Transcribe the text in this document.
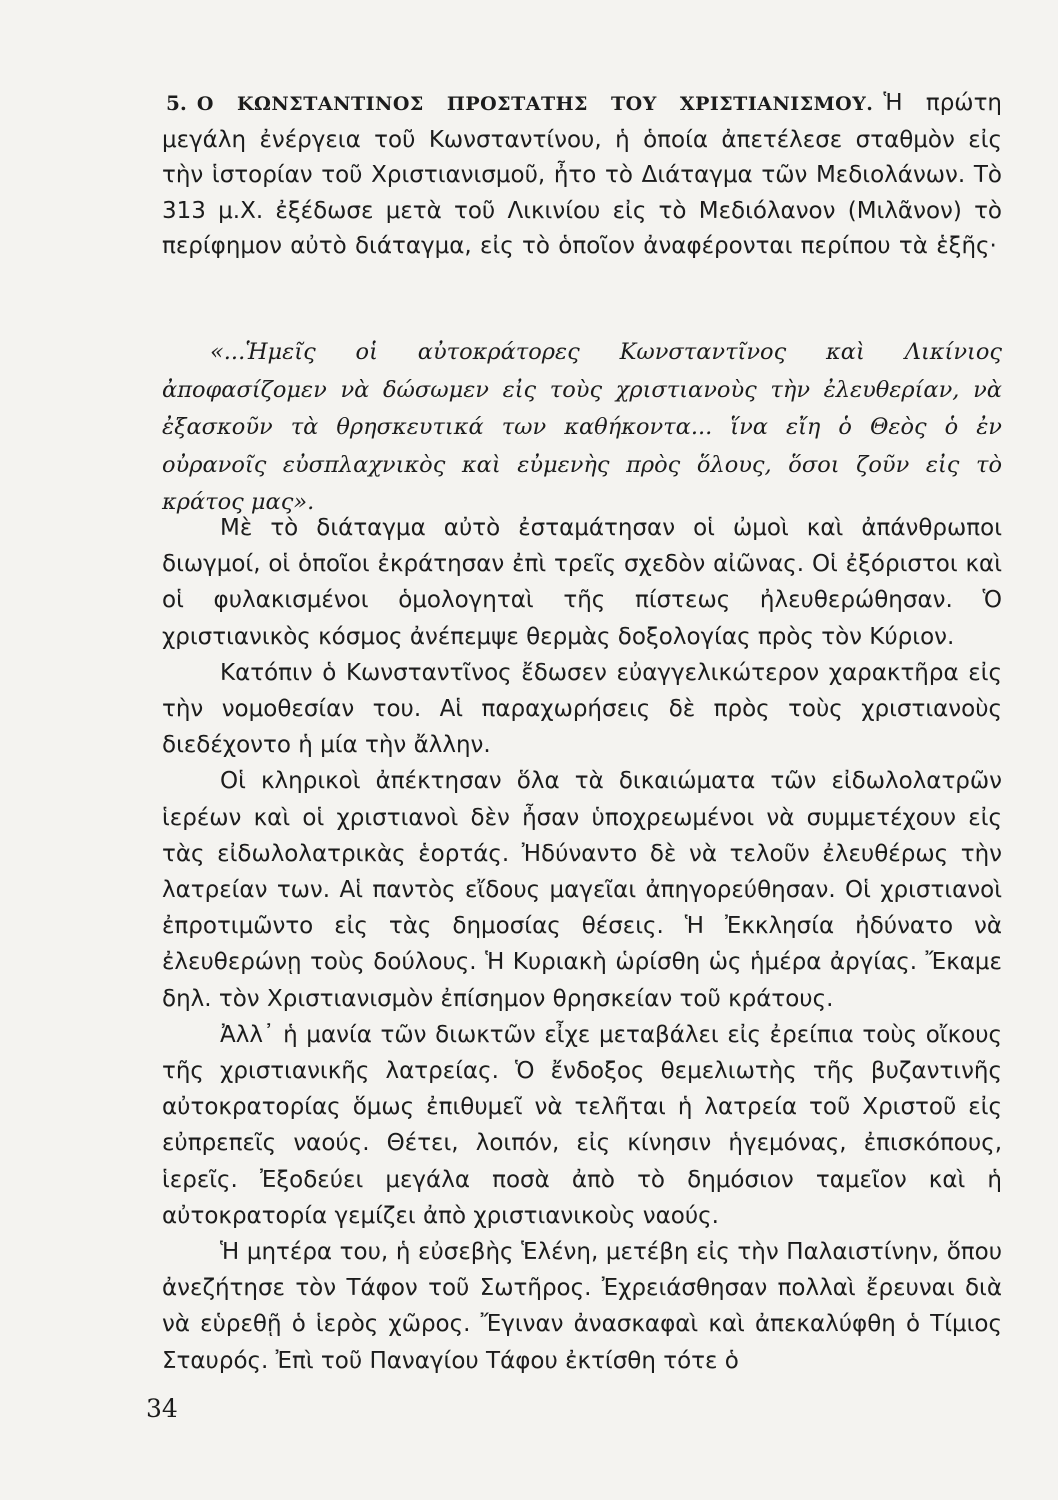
5. Ο ΚΩΝΣΤΑΝΤΙΝΟΣ ΠΡΟΣΤΑΤΗΣ ΤΟΥ ΧΡΙΣΤΙΑΝΙΣΜΟΥ. Ἡ πρώτη μεγάλη ἐνέργεια τοῦ Κωνσταντίνου, ἡ ὁποία ἀπετέλεσε σταθμὸν εἰς τὴν ἱστορίαν τοῦ Χριστιανισμοῦ, ἦτο τὸ Διάταγμα τῶν Μεδιολάνων. Τὸ 313 μ.Χ. ἐξέδωσε μετὰ τοῦ Λικινίου εἰς τὸ Μεδιόλανον (Μιλᾶνον) τὸ περίφημον αὐτὸ διάταγμα, εἰς τὸ ὁποῖον ἀναφέρονται περίπου τὰ ἑξῆς·
«...Ἡμεῖς οἱ αὐτοκράτορες Κωνσταντῖνος καὶ Λικίνιος ἀποφασίζομεν νὰ δώσωμεν εἰς τοὺς χριστιανοὺς τὴν ἐλευθερίαν, νὰ ἐξασκοῦν τὰ θρησκευτικά των καθήκοντα... ἵνα εἴη ὁ Θεὸς ὁ ἐν οὐρανοῖς εὐσπλαχνικὸς καὶ εὐμενὴς πρὸς ὅλους, ὅσοι ζοῦν εἰς τὸ κράτος μας».

Μὲ τὸ διάταγμα αὐτὸ ἐσταμάτησαν οἱ ὠμοὶ καὶ ἀπάνθρωποι διωγμοί, οἱ ὁποῖοι ἐκράτησαν ἐπὶ τρεῖς σχεδὸν αἰῶνας. Οἱ ἐξόριστοι καὶ οἱ φυλακισμένοι ὁμολογηταὶ τῆς πίστεως ἠλευθερώθησαν. Ὁ χριστιανικὸς κόσμος ἀνέπεμψε θερμὰς δοξολογίας πρὸς τὸν Κύριον.

Κατόπιν ὁ Κωνσταντῖνος ἔδωσεν εὐαγγελικώτερον χαρακτῆρα εἰς τὴν νομοθεσίαν του. Αἱ παραχωρήσεις δὲ πρὸς τοὺς χριστιανοὺς διεδέχοντο ἡ μία τὴν ἄλλην.

Οἱ κληρικοὶ ἀπέκτησαν ὅλα τὰ δικαιώματα τῶν εἰδωλολατρῶν ἱερέων καὶ οἱ χριστιανοὶ δὲν ἦσαν ὑποχρεωμένοι νὰ συμμετέχουν εἰς τὰς εἰδωλολατρικὰς ἑορτάς. Ἠδύναντο δὲ νὰ τελοῦν ἐλευθέρως τὴν λατρείαν των. Αἱ παντὸς εἴδους μαγεῖαι ἀπηγορεύθησαν. Οἱ χριστιανοὶ ἐπροτιμῶντο εἰς τὰς δημοσίας θέσεις. Ἡ Ἐκκλησία ἠδύνατο νὰ ἐλευθερώνῃ τοὺς δούλους. Ἡ Κυριακὴ ὡρίσθη ὡς ἡμέρα ἀργίας. Ἔκαμε δηλ. τὸν Χριστιανισμὸν ἐπίσημον θρησκείαν τοῦ κράτους.

Ἀλλ᾽ ἡ μανία τῶν διωκτῶν εἶχε μεταβάλει εἰς ἐρείπια τοὺς οἴκους τῆς χριστιανικῆς λατρείας. Ὁ ἔνδοξος θεμελιωτὴς τῆς βυζαντινῆς αὐτοκρατορίας ὅμως ἐπιθυμεῖ νὰ τελῆται ἡ λατρεία τοῦ Χριστοῦ εἰς εὐπρεπεῖς ναούς. Θέτει, λοιπόν, εἰς κίνησιν ἡγεμόνας, ἐπισκόπους, ἱερεῖς. Ἐξοδεύει μεγάλα ποσὰ ἀπὸ τὸ δημόσιον ταμεῖον καὶ ἡ αὐτοκρατορία γεμίζει ἀπὸ χριστιανικοὺς ναούς.

Ἡ μητέρα του, ἡ εὐσεβὴς Ἑλένη, μετέβη εἰς τὴν Παλαιστίνην, ὅπου ἀνεζήτησε τὸν Τάφον τοῦ Σωτῆρος. Ἐχρειάσθησαν πολλαὶ ἔρευναι διὰ νὰ εὑρεθῇ ὁ ἱερὸς χῶρος. Ἔγιναν ἀνασκαφαὶ καὶ ἀπεκαλύφθη ὁ Τίμιος Σταυρός. Ἐπὶ τοῦ Παναγίου Τάφου ἐκτίσθη τότε ὁ

34
